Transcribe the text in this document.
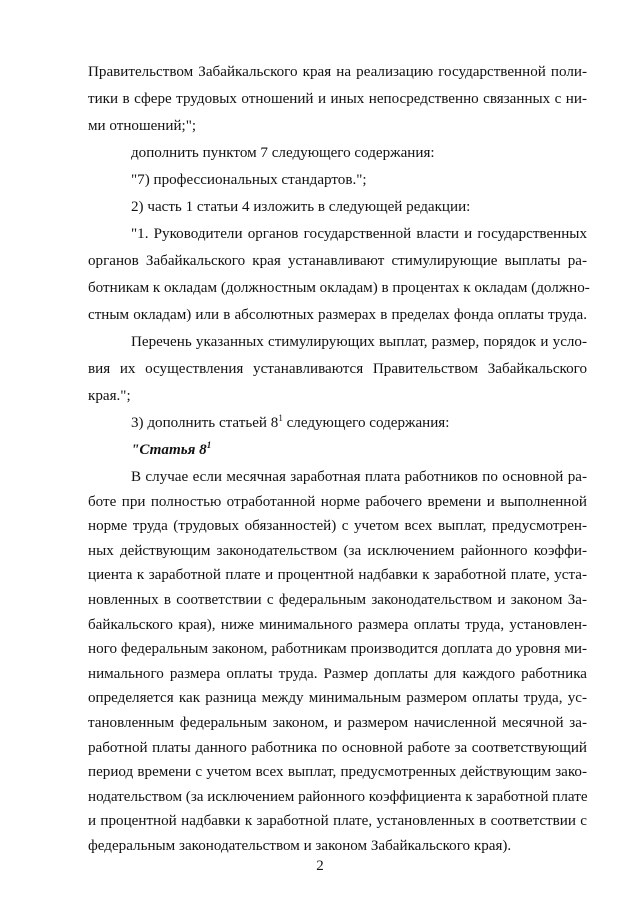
Правительством Забайкальского края на реализацию государственной поли-
тики в сфере трудовых отношений и иных непосредственно связанных с ни-
ми отношений;";
дополнить пунктом 7 следующего содержания:
"7) профессиональных стандартов.";
2) часть 1 статьи 4 изложить в следующей редакции:
"1. Руководители органов государственной власти и государственных
органов Забайкальского края устанавливают стимулирующие выплаты ра-
ботникам к окладам (должностным окладам) в процентах к окладам (должно-
стным окладам) или в абсолютных размерах в пределах фонда оплаты труда.
Перечень указанных стимулирующих выплат, размер, порядок и усло-
вия их осуществления устанавливаются Правительством Забайкальского
края.";
3) дополнить статьей $8^1$ следующего содержания:
"Статья $8^1$
В случае если месячная заработная плата работников по основной ра-
боте при полностью отработанной норме рабочего времени и выполненной
норме труда (трудовых обязанностей) с учетом всех выплат, предусмотрен-
ных действующим законодательством (за исключением районного коэффи-
циента к заработной плате и процентной надбавки к заработной плате, уста-
новленных в соответствии с федеральным законодательством и законом За-
байкальского края), ниже минимального размера оплаты труда, установлен-
ного федеральным законом, работникам производится доплата до уровня ми-
нимального размера оплаты труда. Размер доплаты для каждого работника
определяется как разница между минимальным размером оплаты труда, ус-
тановленным федеральным законом, и размером начисленной месячной за-
работной платы данного работника по основной работе за соответствующий
период времени с учетом всех выплат, предусмотренных действующим зако-
нодательством (за исключением районного коэффициента к заработной плате
2
и процентной надбавки к заработной плате, установленных в соответствии с
федеральным законодательством и законом Забайкальского края).
